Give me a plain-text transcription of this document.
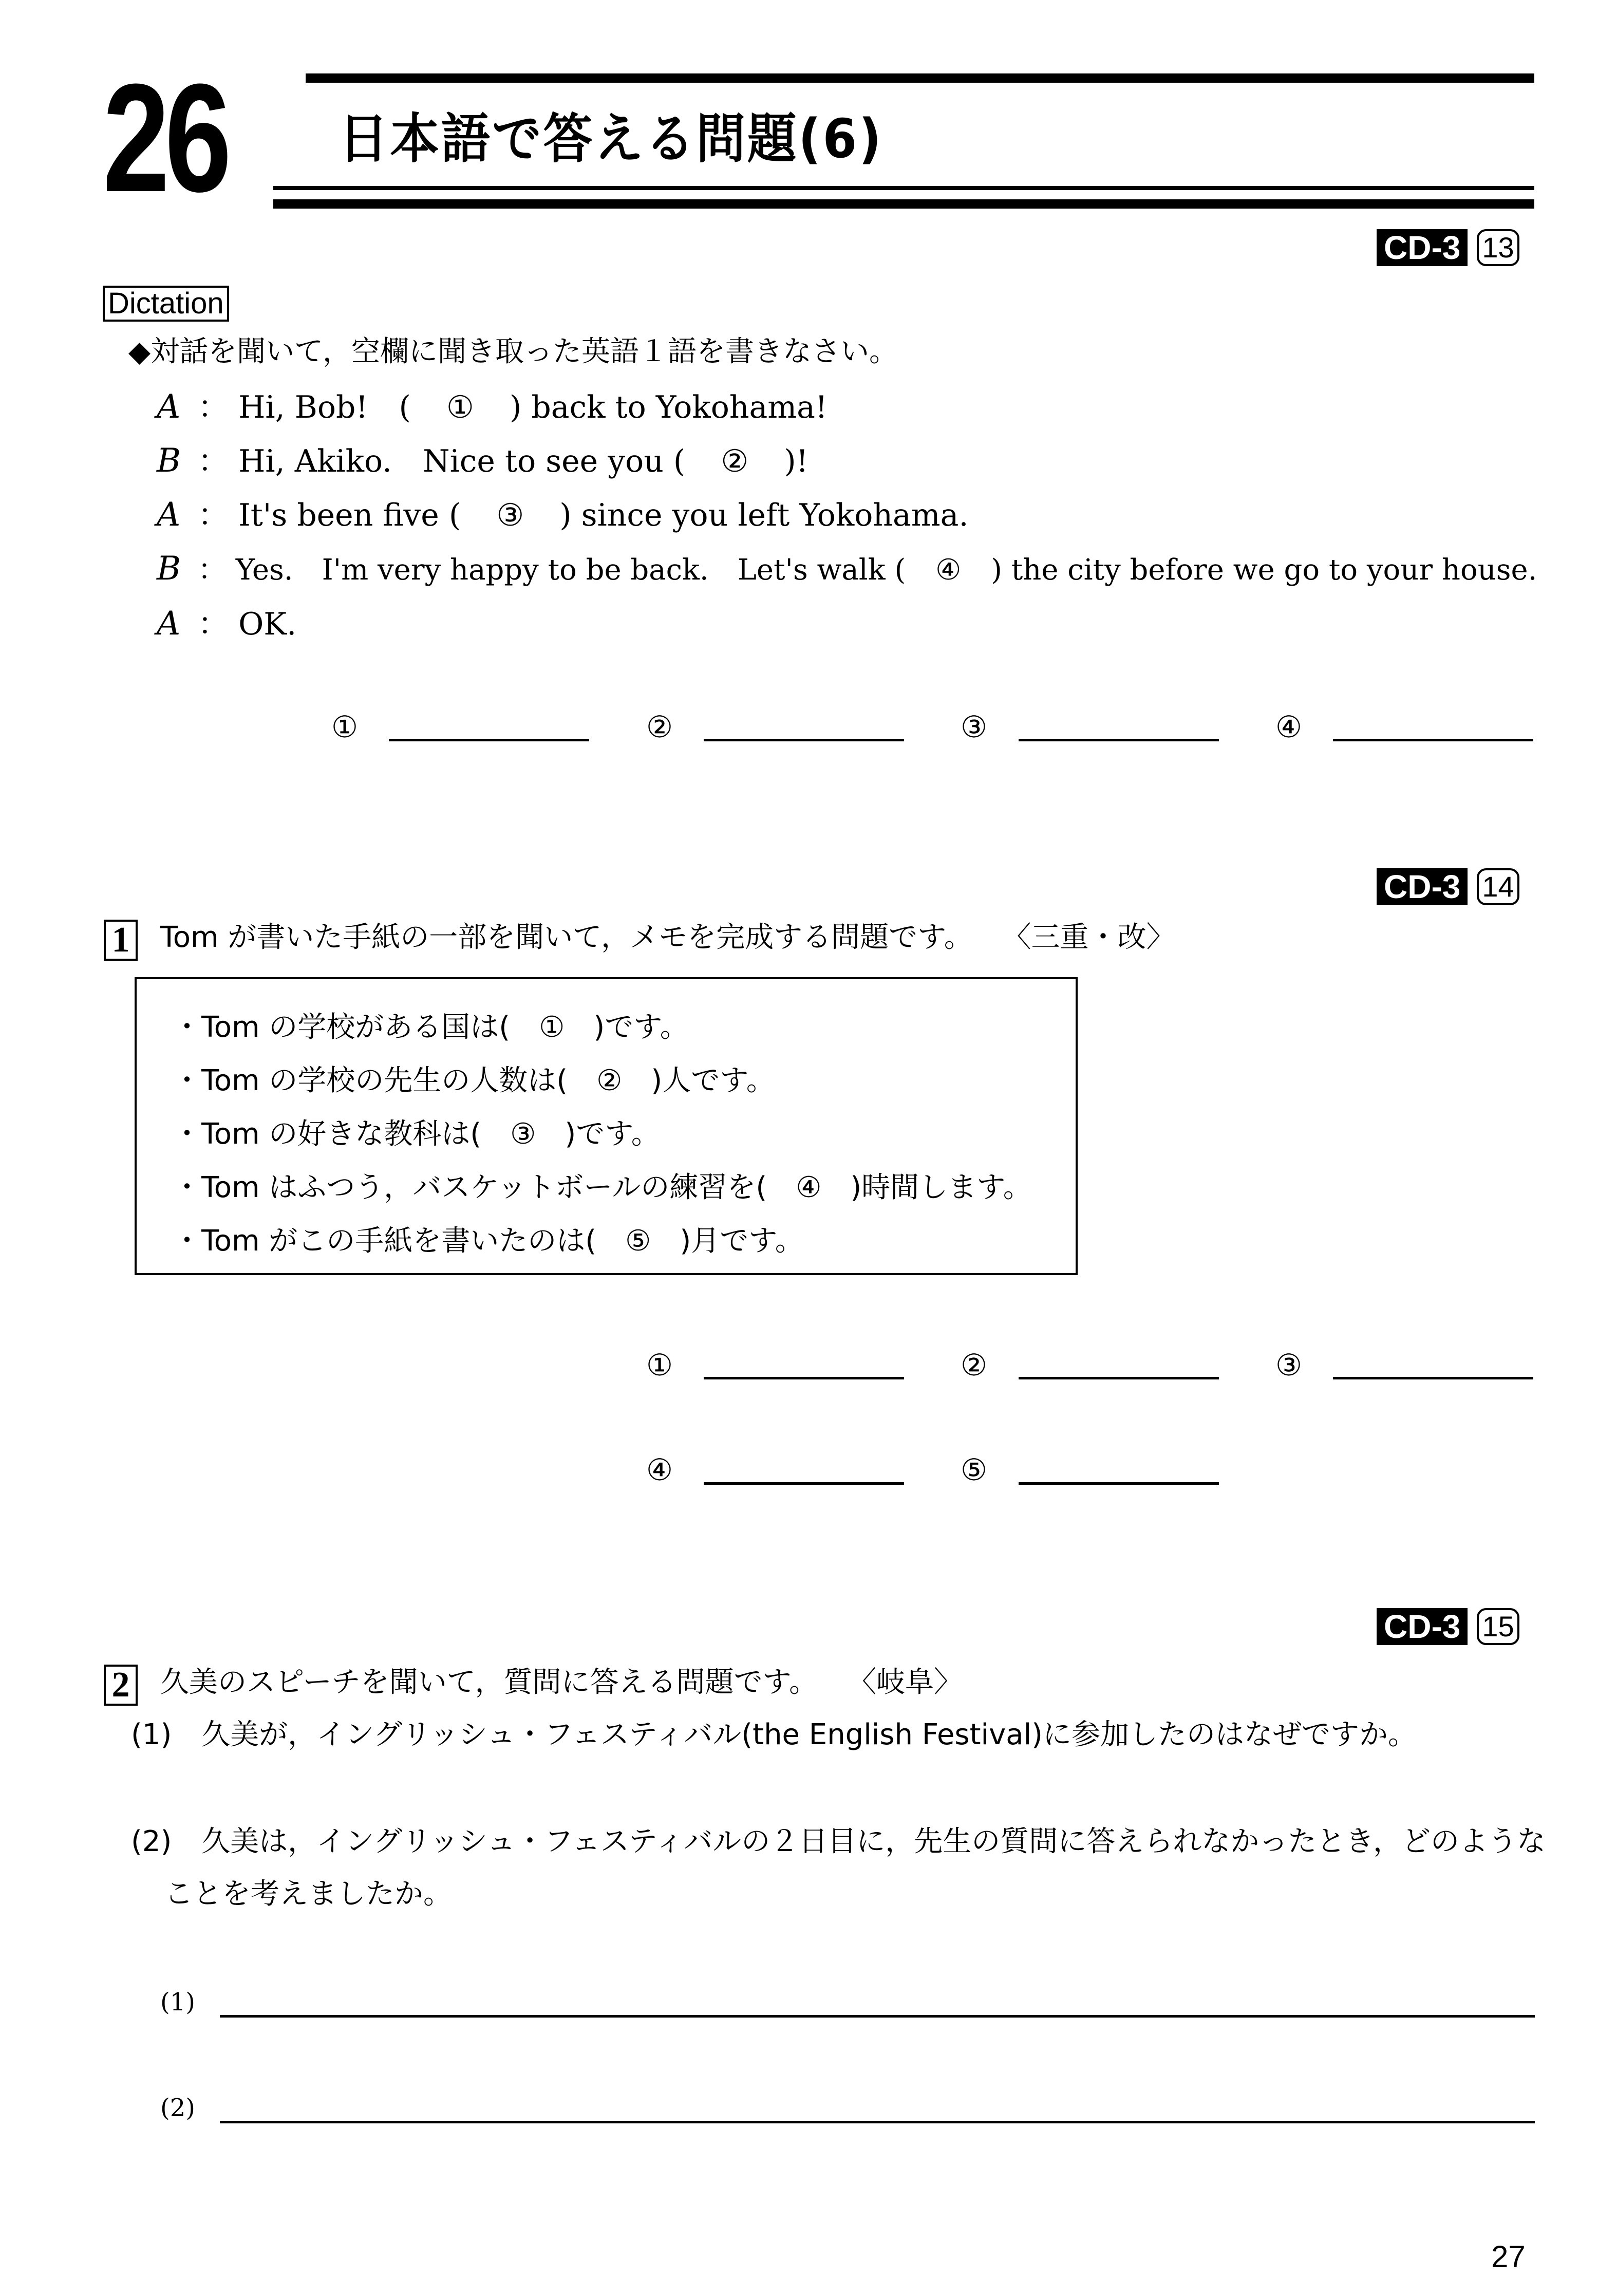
26 日本語で答える問題(6)
CD-3 13
Dictation
◆対話を聞いて，空欄に聞き取った英語１語を書きなさい。
A ： Hi, Bob!　( ① ) back to Yokohama!
B ： Hi, Akiko.　Nice to see you ( ② )!
A ： It's been five ( ③ ) since you left Yokohama.
B ： Yes.　I'm very happy to be back.　Let's walk ( ④ ) the city before we go to your house.
A ： OK.
①	②	③	④
CD-3 14
1 Tom が書いた手紙の一部を聞いて，メモを完成する問題です。 〈三重・改〉
・Tom の学校がある国は(　①　)です。
・Tom の学校の先生の人数は(　②　)人です。
・Tom の好きな教科は(　③　)です。
・Tom はふつう，バスケットボールの練習を(　④　)時間します。
・Tom がこの手紙を書いたのは(　⑤　)月です。
①	②	③
④	⑤
CD-3 15
2 久美のスピーチを聞いて，質問に答える問題です。 〈岐阜〉
(1) 久美が，イングリッシュ・フェスティバル(the English Festival)に参加したのはなぜですか。
(2) 久美は，イングリッシュ・フェスティバルの２日目に，先生の質問に答えられなかったとき，どのような
ことを考えましたか。
(1)
(2)
27
